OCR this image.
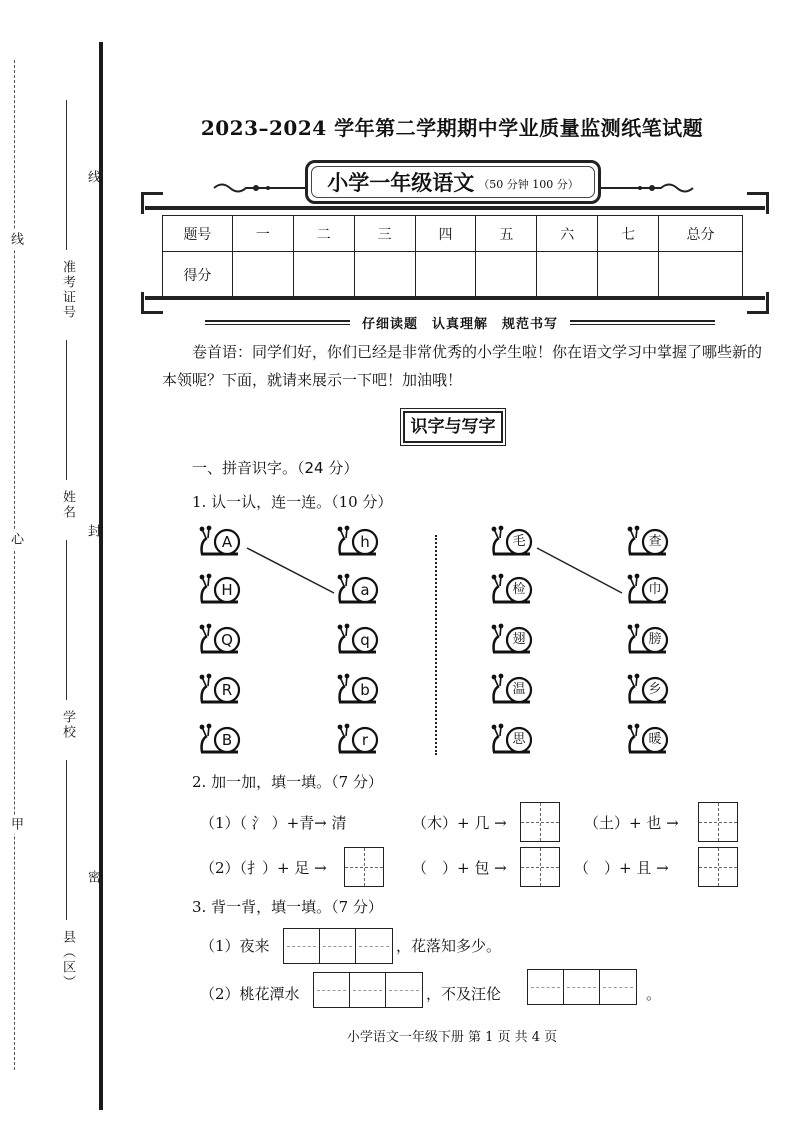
线
心
甲
准考证号
姓名
学校
县（区）
线
封
密
2023–2024 学年第二学期期中学业质量监测纸笔试题
小学一年级语文 （50 分钟 100 分）
题号	一	二	三	四	五	六	七	总分
得分								
仔细读题　认真理解　规范书写
卷首语：同学们好，你们已经是非常优秀的小学生啦！你在语文学习中掌握了哪些新的本领呢？下面，就请来展示一下吧！加油哦！
识字与写字
一、拼音识字。（24 分）
1. 认一认，连一连。（10 分）
A
H
Q
R
B
h
a
q
b
r
毛
检
翅
温
思
查
巾
膀
乡
暖
2. 加一加，填一填。（7 分）
（1）（ 氵 ）+青→ 清	（木）+ 几 →	（土）+ 也 →
（2）（扌）+ 足 →	（　）+ 包 →	（　）+ 且 →
3. 背一背，填一填。（7 分）
（1）夜来	，花落知多少。
（2）桃花潭水	，不及汪伦	。
小学语文一年级下册 第 1 页 共 4 页
